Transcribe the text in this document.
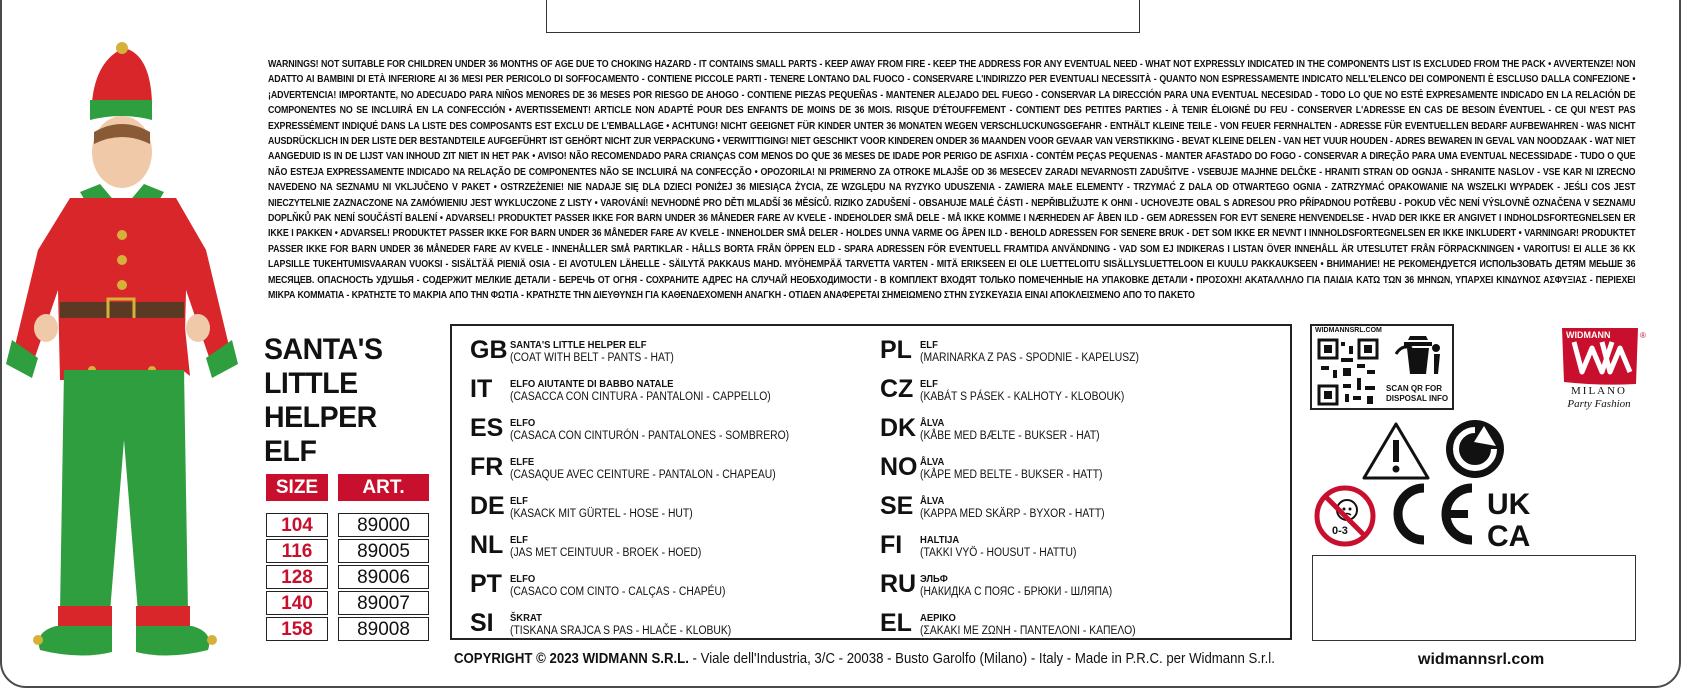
WARNINGS! NOT SUITABLE FOR CHILDREN UNDER 36 MONTHS OF AGE DUE TO CHOKING HAZARD - IT CONTAINS SMALL PARTS - KEEP AWAY FROM FIRE - KEEP THE ADDRESS FOR ANY EVENTUAL NEED - WHAT NOT EXPRESSLY INDICATED IN THE COMPONENTS LIST IS EXCLUDED FROM THE PACK • AVVERTENZE! NON ADATTO AI BAMBINI DI ETÀ INFERIORE AI 36 MESI PER PERICOLO DI SOFFOCAMENTO - CONTIENE PICCOLE PARTI - TENERE LONTANO DAL FUOCO - CONSERVARE L'INDIRIZZO PER EVENTUALI NECESSITÀ - QUANTO NON ESPRESSAMENTE INDICATO NELL'ELENCO DEI COMPONENTI È ESCLUSO DALLA CONFEZIONE • ¡ADVERTENCIA! IMPORTANTE, NO ADECUADO PARA NIÑOS MENORES DE 36 MESES POR RIESGO DE AHOGO - CONTIENE PIEZAS PEQUEÑAS - MANTENER ALEJADO DEL FUEGO - CONSERVAR LA DIRECCIÓN PARA UNA EVENTUAL NECESIDAD - TODO LO QUE NO ESTÉ EXPRESAMENTE INDICADO EN LA RELACIÓN DE COMPONENTES NO SE INCLUIRÁ EN LA CONFECCIÓN • AVERTISSEMENT! ARTICLE NON ADAPTÉ POUR DES ENFANTS DE MOINS DE 36 MOIS. RISQUE D'ÉTOUFFEMENT - CONTIENT DES PETITES PARTIES - À TENIR ÉLOIGNÉ DU FEU - CONSERVER L'ADRESSE EN CAS DE BESOIN ÉVENTUEL - CE QUI N'EST PAS EXPRESSÉMENT INDIQUÉ DANS LA LISTE DES COMPOSANTS EST EXCLU DE L'EMBALLAGE • ACHTUNG! NICHT GEEIGNET FÜR KINDER UNTER 36 MONATEN WEGEN VERSCHLUCKUNGSGEFAHR - ENTHÄLT KLEINE TEILE - VON FEUER FERNHALTEN - ADRESSE FÜR EVENTUELLEN BEDARF AUFBEWAHREN - WAS NICHT AUSDRÜCKLICH IN DER LISTE DER BESTANDTEILE AUFGEFÜHRT IST GEHÖRT NICHT ZUR VERPACKUNG • VERWITTIGING! NIET GESCHIKT VOOR KINDEREN ONDER 36 MAANDEN VOOR GEVAAR VAN VERSTIKKING - BEVAT KLEINE DELEN - VAN HET VUUR HOUDEN - ADRES BEWAREN IN GEVAL VAN NOODZAAK - WAT NIET AANGEDUID IS IN DE LIJST VAN INHOUD ZIT NIET IN HET PAK • AVISO! NÃO RECOMENDADO PARA CRIANÇAS COM MENOS DO QUE 36 MESES DE IDADE POR PERIGO DE ASFIXIA - CONTÉM PEÇAS PEQUENAS - MANTER AFASTADO DO FOGO - CONSERVAR A DIREÇÃO PARA UMA EVENTUAL NECESSIDADE - TUDO O QUE NÃO ESTEJA EXPRESSAMENTE INDICADO NA RELAÇÃO DE COMPONENTES NÃO SE INCLUIRÁ NA CONFECÇÃO • OPOZORILA! NI PRIMERNO ZA OTROKE MLAJŠE OD 36 MESECEV ZARADI NEVARNOSTI ZADUŠITVE - VSEBUJE MAJHNE DELČKE - HRANITI STRAN OD OGNJA - SHRANITE NASLOV - VSE KAR NI IZRECNO NAVEDENO NA SEZNAMU NI VKLJUČENO V PAKET • OSTRZEŻENIE! NIE NADAJE SIĘ DLA DZIECI PONIŻEJ 36 MIESIĄCA ŻYCIA, ZE WZGLĘDU NA RYZYKO UDUSZENIA - ZAWIERA MAŁE ELEMENTY - TRZYMAĆ Z DALA OD OTWARTEGO OGNIA - ZATRZYMAĆ OPAKOWANIE NA WSZELKI WYPADEK - JEŚLI COS JEST NIECZYTELNIE ZAZNACZONE NA ZAMÓWIENIU JEST WYKLUCZONE Z LISTY • VAROVÁNÍ! NEVHODNÉ PRO DĚTI MLADŠÍ 36 MĚSÍCŮ. RIZIKO ZADUŠENÍ - OBSAHUJE MALÉ ČÁSTI - NEPŘIBLIŽUJTE K OHNI - UCHOVEJTE OBAL S ADRESOU PRO PŘÍPADNOU POTŘEBU - POKUD VĚC NENÍ VÝSLOVNĚ OZNAČENA V SEZNAMU DOPLŇKŮ PAK NENÍ SOUČÁSTÍ BALENÍ • ADVARSEL! PRODUKTET PASSER IKKE FOR BARN UNDER 36 MÅNEDER FARE AV KVELE - INDEHOLDER SMÅ DELE - MÅ IKKE KOMME I NÆRHEDEN AF ÅBEN ILD - GEM ADRESSEN FOR EVT SENERE HENVENDELSE - HVAD DER IKKE ER ANGIVET I INDHOLDSFORTEGNELSEN ER IKKE I PAKKEN • ADVARSEL! PRODUKTET PASSER IKKE FOR BARN UNDER 36 MÅNEDER FARE AV KVELE - INNEHOLDER SMÅ DELER - HOLDES UNNA VARME OG ÅPEN ILD - BEHOLD ADRESSEN FOR SENERE BRUK - DET SOM IKKE ER NEVNT I INNHOLDSFORTEGNELSEN ER IKKE INKLUDERT • VARNINGAR! PRODUKTET PASSER IKKE FOR BARN UNDER 36 MÅNEDER FARE AV KVELE - INNEHÅLLER SMÅ PARTIKLAR - HÅLLS BORTA FRÅN ÖPPEN ELD - SPARA ADRESSEN FÖR EVENTUELL FRAMTIDA ANVÄNDNING - VAD SOM EJ INDIKERAS I LISTAN ÖVER INNEHÅLL ÄR UTESLUTET FRÅN FÖRPACKNINGEN • VAROITUS! EI ALLE 36 KK LAPSILLE TUKEHTUMISVAARAN VUOKSI - SISÄLTÄÄ PIENIÄ OSIA - EI AVOTULEN LÄHELLE - SÄILYTÄ PAKKAUS MAHD. MYÖHEMPÄÄ TARVETTA VARTEN - MITÄ ERIKSEEN EI OLE LUETTELOITU SISÄLLYSLUETTELOON EI KUULU PAKKAUKSEEN • ВНИМАНИЕ! НЕ РЕКОМЕНДУЕТСЯ ИСПОЛЬЗОВАТЬ ДЕТЯМ МЕЬШЕ 36 МЕСЯЦЕВ. ОПАСНОСТЬ УДУШЬЯ - СОДЕРЖИТ МЕЛКИЕ ДЕТАЛИ - БЕРЕЧЬ ОТ ОГНЯ - СОХРАНИТЕ АДРЕС НА СЛУЧАЙ НЕОБХОДИМОСТИ - В КОМПЛЕКТ ВХОДЯТ ТОЛЬКО ПОМЕЧЕННЫЕ НА УПАКОВКЕ ДЕТАЛИ • ΠΡΟΣΟΧΗ! ΑΚΑΤΑΛΛΗΛΟ ΓΙΑ ΠΑΙΔΙΑ ΚΑΤΩ ΤΩΝ 36 ΜΗΝΩΝ, ΥΠΑΡΧΕΙ ΚΙΝΔΥΝΟΣ ΑΣΦΥΞΙΑΣ - ΠΕΡΙΕΧΕΙ ΜΙΚΡΑ ΚΟΜΜΑΤΙΑ - ΚΡΑΤΗΣΤΕ ΤΟ ΜΑΚΡΙΑ ΑΠΟ ΤΗΝ ΦΩΤΙΑ - ΚΡΑΤΗΣΤΕ ΤΗΝ ΔΙΕΥΘΥΝΣΗ ΓΙΑ ΚΑΘΕΝΔΕΧΟΜΕΝΗ ΑΝΑΓΚΗ - ΟΤΙΔΕΝ ΑΝΑΦΕΡΕΤΑΙ ΣΗΜΕΙΩΜΕΝΟ ΣΤΗΝ ΣΥΣΚΕΥΑΣΙΑ ΕΙΝΑΙ ΑΠΟΚΛΕΙΣΜΕΝΟ ΑΠΟ ΤΟ ΠΑΚΕΤΟ
SANTA'S
LITTLE
HELPER
ELF
SIZE	ART.
104	89000
116	89005
128	89006
140	89007
158	89008
GB SANTA'S LITTLE HELPER ELF
(COAT WITH BELT - PANTS - HAT)
IT	ELFO AIUTANTE DI BABBO NATALE
(CASACCA CON CINTURA - PANTALONI - CAPPELLO)
ES ELFO
(CASACA CON CINTURÓN - PANTALONES - SOMBRERO)
FR ELFE
(CASAQUE AVEC CEINTURE - PANTALON - CHAPEAU)
DE ELF
(KASACK MIT GÜRTEL - HOSE - HUT)
NL ELF
(JAS MET CEINTUUR - BROEK - HOED)
PT ELFO
(CASACO COM CINTO - CALÇAS - CHAPÉU)
SI	ŠKRAT
(TISKANA SRAJCA S PAS - HLAČE - KLOBUK)
PL ELF
(MARINARKA Z PAS - SPODNIE - KAPELUSZ)
CZ ELF
(KABÁT S PÁSEK - KALHOTY - KLOBOUK)
DK ÅLVA
(KÅBE MED BÆLTE - BUKSER - HAT)
NO ÅLVA
(KÅPE MED BELTE - BUKSER - HATT)
SE ÅLVA
(KAPPA MED SKÄRP - BYXOR - HATT)
FI	HALTIJA
(TAKKI VYÖ - HOUSUT - HATTU)
RU ЭЛЬФ
(НАКИДКА С ПОЯС - БРЮКИ - ШЛЯПА)
EL ΑΕΡΙΚΟ
(ΣΑΚΑΚΙ ΜΕ ΖΩΝΗ - ΠΑΝΤΕΛΟΝΙ - ΚΑΠΕΛΟ)
COPYRIGHT © 2023 WIDMANN S.R.L. - Viale dell'Industria, 3/C - 20038 - Busto Garolfo (Milano) - Italy - Made in P.R.C. per Widmann S.r.l.	widmannsrl.com
WIDMANNSRL.COM
SCAN QR FOR
DISPOSAL INFO
WIDMANN	®
MILANO
Party Fashion
0-3
UK
CA
